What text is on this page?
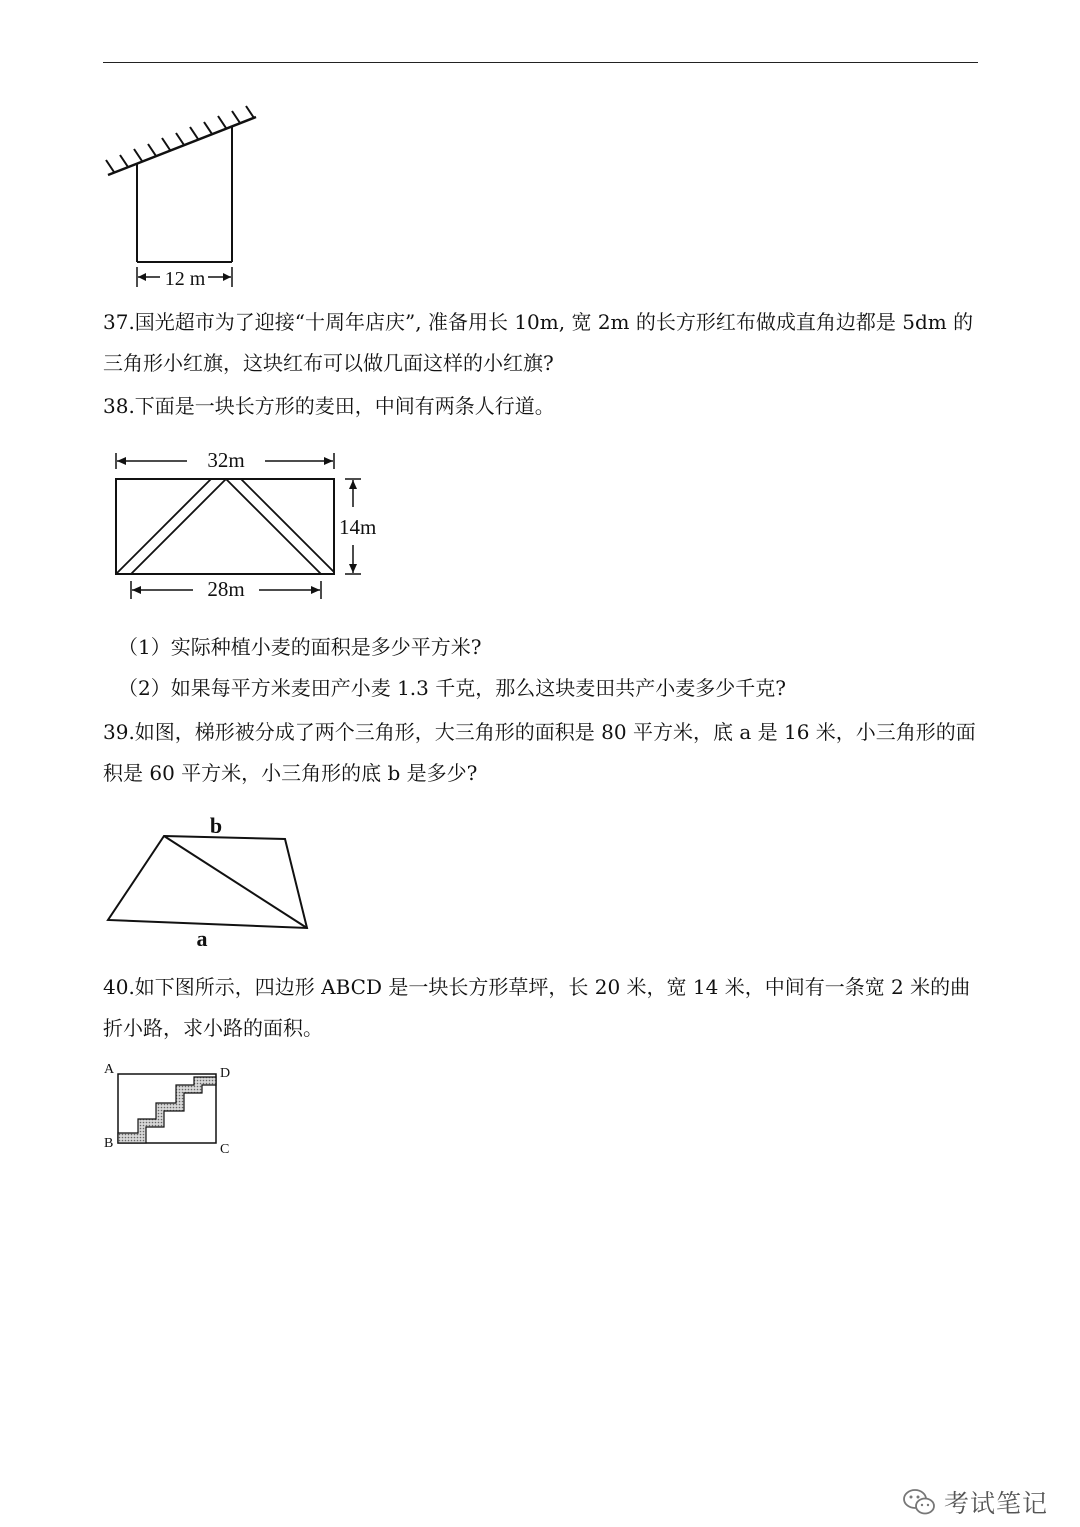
12 m

37.国光超市为了迎接“十周年店庆”, 准备用长 10m, 宽 2m 的长方形红布做成直角边都是 5dm 的三角形小红旗，这块红布可以做几面这样的小红旗?

38.下面是一块长方形的麦田，中间有两条人行道。

32m
14m
28m

（1）实际种植小麦的面积是多少平方米?

（2）如果每平方米麦田产小麦 1.3 千克，那么这块麦田共产小麦多少千克?

39.如图，梯形被分成了两个三角形，大三角形的面积是 80 平方米，底 a 是 16 米，小三角形的面积是 60 平方米，小三角形的底 b 是多少?

b
a

40.如下图所示，四边形 ABCD 是一块长方形草坪，长 20 米，宽 14 米，中间有一条宽 2 米的曲折小路，求小路的面积。

A
B	C
D
考试笔记
